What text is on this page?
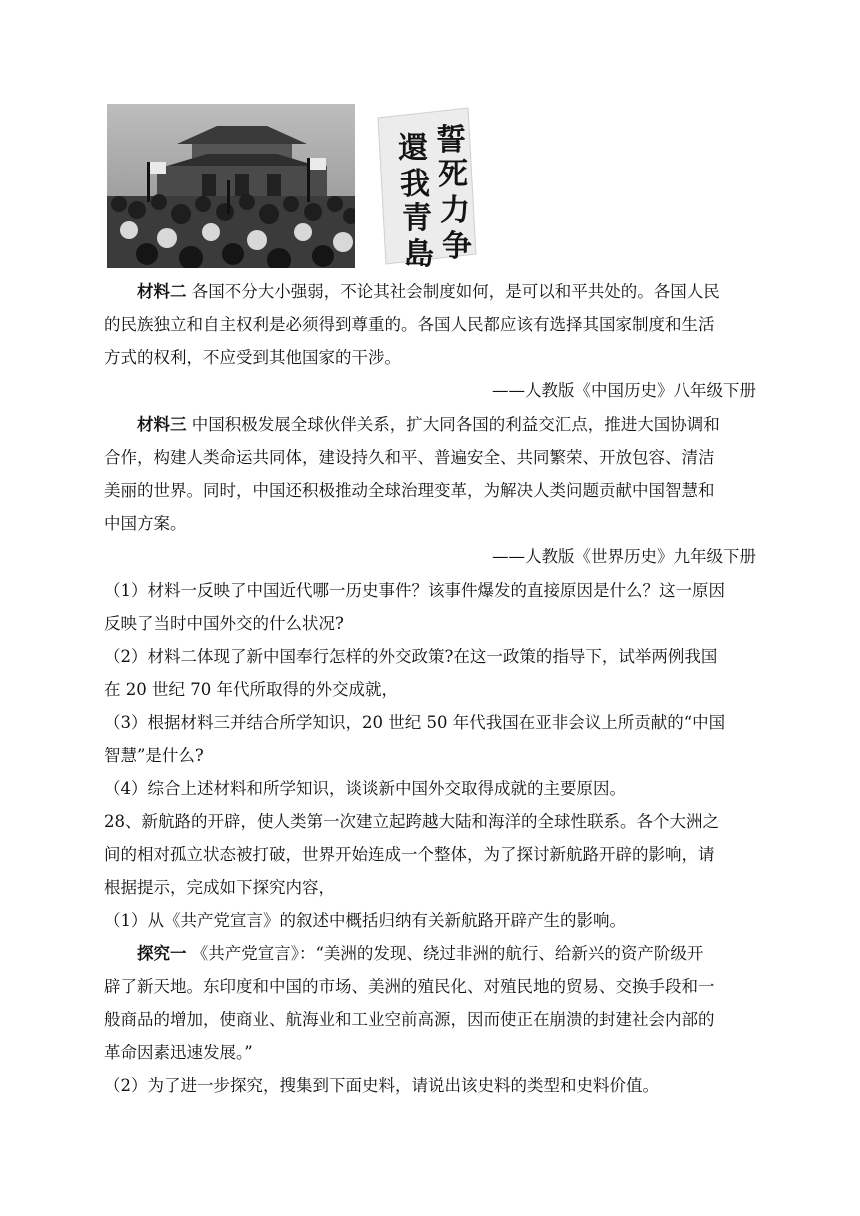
誓
死
力
争
還
我
青
島
材料二 各国不分大小强弱，不论其社会制度如何，是可以和平共处的。各国人民
的民族独立和自主权利是必须得到尊重的。各国人民都应该有选择其国家制度和生活
方式的权利，不应受到其他国家的干涉。
——人教版《中国历史》八年级下册
材料三 中国积极发展全球伙伴关系，扩大同各国的利益交汇点，推进大国协调和
合作，构建人类命运共同体，建设持久和平、普遍安全、共同繁荣、开放包容、清洁
美丽的世界。同时，中国还积极推动全球治理变革，为解决人类问题贡献中国智慧和
中国方案。
——人教版《世界历史》九年级下册
（1）材料一反映了中国近代哪一历史事件？该事件爆发的直接原因是什么？这一原因
反映了当时中国外交的什么状况?
（2）材料二体现了新中国奉行怎样的外交政策?在这一政策的指导下，试举两例我国
在 20 世纪 70 年代所取得的外交成就，
（3）根据材料三并结合所学知识，20 世纪 50 年代我国在亚非会议上所贡献的“中国
智慧”是什么?
（4）综合上述材料和所学知识，谈谈新中国外交取得成就的主要原因。
28、新航路的开辟，使人类第一次建立起跨越大陆和海洋的全球性联系。各个大洲之
间的相对孤立状态被打破，世界开始连成一个整体，为了探讨新航路开辟的影响，请
根据提示，完成如下探究内容，
（1）从《共产党宣言》的叙述中概括归纳有关新航路开辟产生的影响。
探究一 《共产党宣言》：“美洲的发现、绕过非洲的航行、给新兴的资产阶级开
辟了新天地。东印度和中国的市场、美洲的殖民化、对殖民地的贸易、交换手段和一
般商品的增加，使商业、航海业和工业空前高源，因而使正在崩溃的封建社会内部的
革命因素迅速发展。”
（2）为了进一步探究，搜集到下面史料，请说出该史料的类型和史料价值。
